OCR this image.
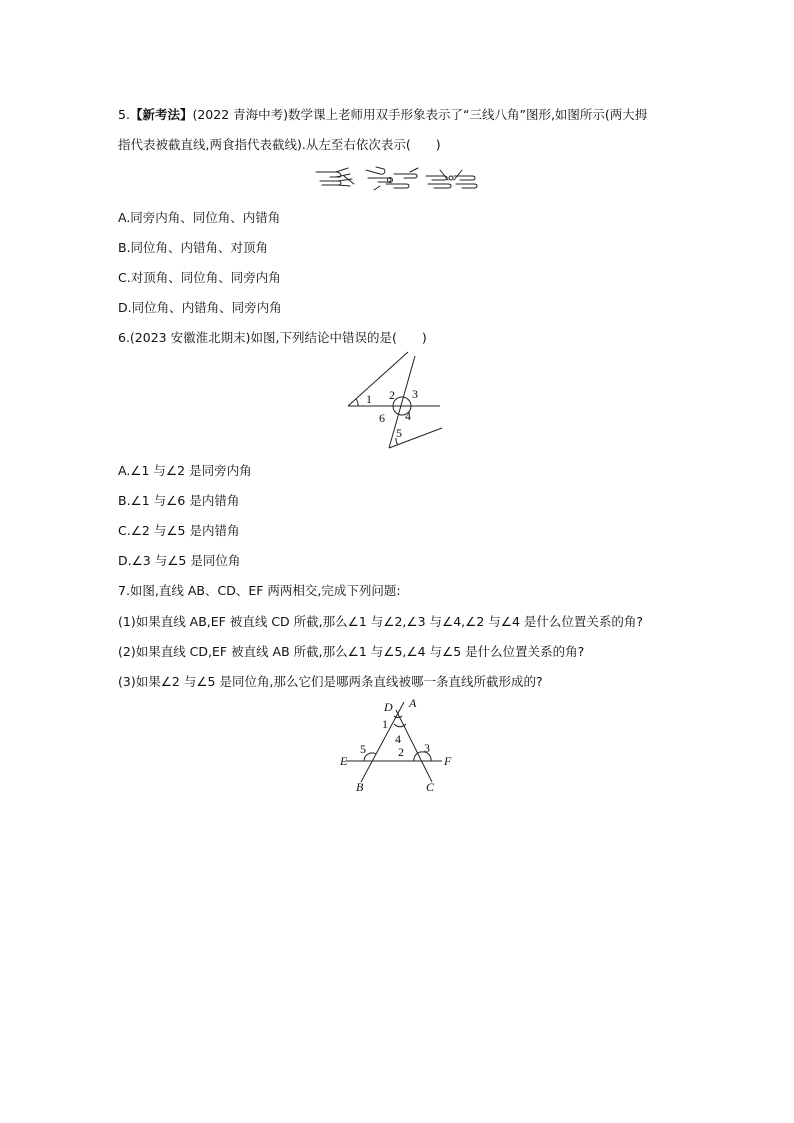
5.【新考法】(2022 青海中考)数学课上老师用双手形象表示了“三线八角”图形,如图所示(两大拇
指代表被截直线,两食指代表截线).从左至右依次表示(　　)
A.同旁内角、同位角、内错角
B.同位角、内错角、对顶角
C.对顶角、同位角、同旁内角
D.同位角、内错角、同旁内角
6.(2023 安徽淮北期末)如图,下列结论中错误的是(　　)
1 2 3
4
5
6
A.∠1 与∠2 是同旁内角
B.∠1 与∠6 是内错角
C.∠2 与∠5 是内错角
D.∠3 与∠5 是同位角
7.如图,直线 AB、CD、EF 两两相交,完成下列问题:
(1)如果直线 AB,EF 被直线 CD 所截,那么∠1 与∠2,∠3 与∠4,∠2 与∠4 是什么位置关系的角?
(2)如果直线 CD,EF 被直线 AB 所截,那么∠1 与∠5,∠4 与∠5 是什么位置关系的角?
(3)如果∠2 与∠5 是同位角,那么它们是哪两条直线被哪一条直线所截形成的?
A
B	C
D
E	F
1
2 3
4
5
